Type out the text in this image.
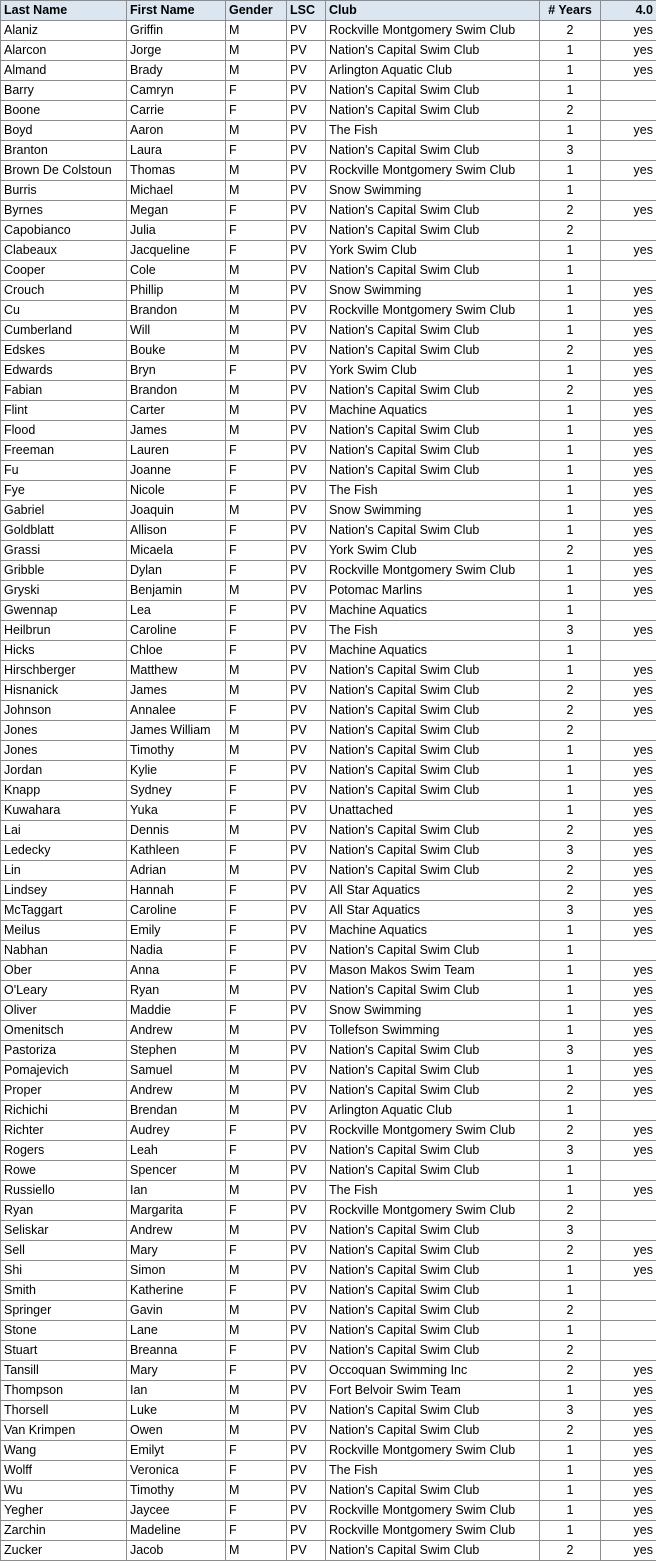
Last Name	First Name	Gender	LSC	Club	# Years	4.0
Alaniz	Griffin	M	PV	Rockville Montgomery Swim Club	2	yes
Alarcon	Jorge	M	PV	Nation's Capital Swim Club	1	yes
Almand	Brady	M	PV	Arlington Aquatic Club	1	yes
Barry	Camryn	F	PV	Nation's Capital Swim Club	1	
Boone	Carrie	F	PV	Nation's Capital Swim Club	2	
Boyd	Aaron	M	PV	The Fish	1	yes
Branton	Laura	F	PV	Nation's Capital Swim Club	3	
Brown De Colstoun	Thomas	M	PV	Rockville Montgomery Swim Club	1	yes
Burris	Michael	M	PV	Snow Swimming	1	
Byrnes	Megan	F	PV	Nation's Capital Swim Club	2	yes
Capobianco	Julia	F	PV	Nation's Capital Swim Club	2	
Clabeaux	Jacqueline	F	PV	York Swim Club	1	yes
Cooper	Cole	M	PV	Nation's Capital Swim Club	1	
Crouch	Phillip	M	PV	Snow Swimming	1	yes
Cu	Brandon	M	PV	Rockville Montgomery Swim Club	1	yes
Cumberland	Will	M	PV	Nation's Capital Swim Club	1	yes
Edskes	Bouke	M	PV	Nation's Capital Swim Club	2	yes
Edwards	Bryn	F	PV	York Swim Club	1	yes
Fabian	Brandon	M	PV	Nation's Capital Swim Club	2	yes
Flint	Carter	M	PV	Machine Aquatics	1	yes
Flood	James	M	PV	Nation's Capital Swim Club	1	yes
Freeman	Lauren	F	PV	Nation's Capital Swim Club	1	yes
Fu	Joanne	F	PV	Nation's Capital Swim Club	1	yes
Fye	Nicole	F	PV	The Fish	1	yes
Gabriel	Joaquin	M	PV	Snow Swimming	1	yes
Goldblatt	Allison	F	PV	Nation's Capital Swim Club	1	yes
Grassi	Micaela	F	PV	York Swim Club	2	yes
Gribble	Dylan	F	PV	Rockville Montgomery Swim Club	1	yes
Gryski	Benjamin	M	PV	Potomac Marlins	1	yes
Gwennap	Lea	F	PV	Machine Aquatics	1	
Heilbrun	Caroline	F	PV	The Fish	3	yes
Hicks	Chloe	F	PV	Machine Aquatics	1	
Hirschberger	Matthew	M	PV	Nation's Capital Swim Club	1	yes
Hisnanick	James	M	PV	Nation's Capital Swim Club	2	yes
Johnson	Annalee	F	PV	Nation's Capital Swim Club	2	yes
Jones	James William	M	PV	Nation's Capital Swim Club	2	
Jones	Timothy	M	PV	Nation's Capital Swim Club	1	yes
Jordan	Kylie	F	PV	Nation's Capital Swim Club	1	yes
Knapp	Sydney	F	PV	Nation's Capital Swim Club	1	yes
Kuwahara	Yuka	F	PV	Unattached	1	yes
Lai	Dennis	M	PV	Nation's Capital Swim Club	2	yes
Ledecky	Kathleen	F	PV	Nation's Capital Swim Club	3	yes
Lin	Adrian	M	PV	Nation's Capital Swim Club	2	yes
Lindsey	Hannah	F	PV	All Star Aquatics	2	yes
McTaggart	Caroline	F	PV	All Star Aquatics	3	yes
Meilus	Emily	F	PV	Machine Aquatics	1	yes
Nabhan	Nadia	F	PV	Nation's Capital Swim Club	1	
Ober	Anna	F	PV	Mason Makos Swim Team	1	yes
O'Leary	Ryan	M	PV	Nation's Capital Swim Club	1	yes
Oliver	Maddie	F	PV	Snow Swimming	1	yes
Omenitsch	Andrew	M	PV	Tollefson Swimming	1	yes
Pastoriza	Stephen	M	PV	Nation's Capital Swim Club	3	yes
Pomajevich	Samuel	M	PV	Nation's Capital Swim Club	1	yes
Proper	Andrew	M	PV	Nation's Capital Swim Club	2	yes
Richichi	Brendan	M	PV	Arlington Aquatic Club	1	
Richter	Audrey	F	PV	Rockville Montgomery Swim Club	2	yes
Rogers	Leah	F	PV	Nation's Capital Swim Club	3	yes
Rowe	Spencer	M	PV	Nation's Capital Swim Club	1	
Russiello	Ian	M	PV	The Fish	1	yes
Ryan	Margarita	F	PV	Rockville Montgomery Swim Club	2	
Seliskar	Andrew	M	PV	Nation's Capital Swim Club	3	
Sell	Mary	F	PV	Nation's Capital Swim Club	2	yes
Shi	Simon	M	PV	Nation's Capital Swim Club	1	yes
Smith	Katherine	F	PV	Nation's Capital Swim Club	1	
Springer	Gavin	M	PV	Nation's Capital Swim Club	2	
Stone	Lane	M	PV	Nation's Capital Swim Club	1	
Stuart	Breanna	F	PV	Nation's Capital Swim Club	2	
Tansill	Mary	F	PV	Occoquan Swimming Inc	2	yes
Thompson	Ian	M	PV	Fort Belvoir Swim Team	1	yes
Thorsell	Luke	M	PV	Nation's Capital Swim Club	3	yes
Van Krimpen	Owen	M	PV	Nation's Capital Swim Club	2	yes
Wang	Emilyt	F	PV	Rockville Montgomery Swim Club	1	yes
Wolff	Veronica	F	PV	The Fish	1	yes
Wu	Timothy	M	PV	Nation's Capital Swim Club	1	yes
Yegher	Jaycee	F	PV	Rockville Montgomery Swim Club	1	yes
Zarchin	Madeline	F	PV	Rockville Montgomery Swim Club	1	yes
Zucker	Jacob	M	PV	Nation's Capital Swim Club	2	yes
